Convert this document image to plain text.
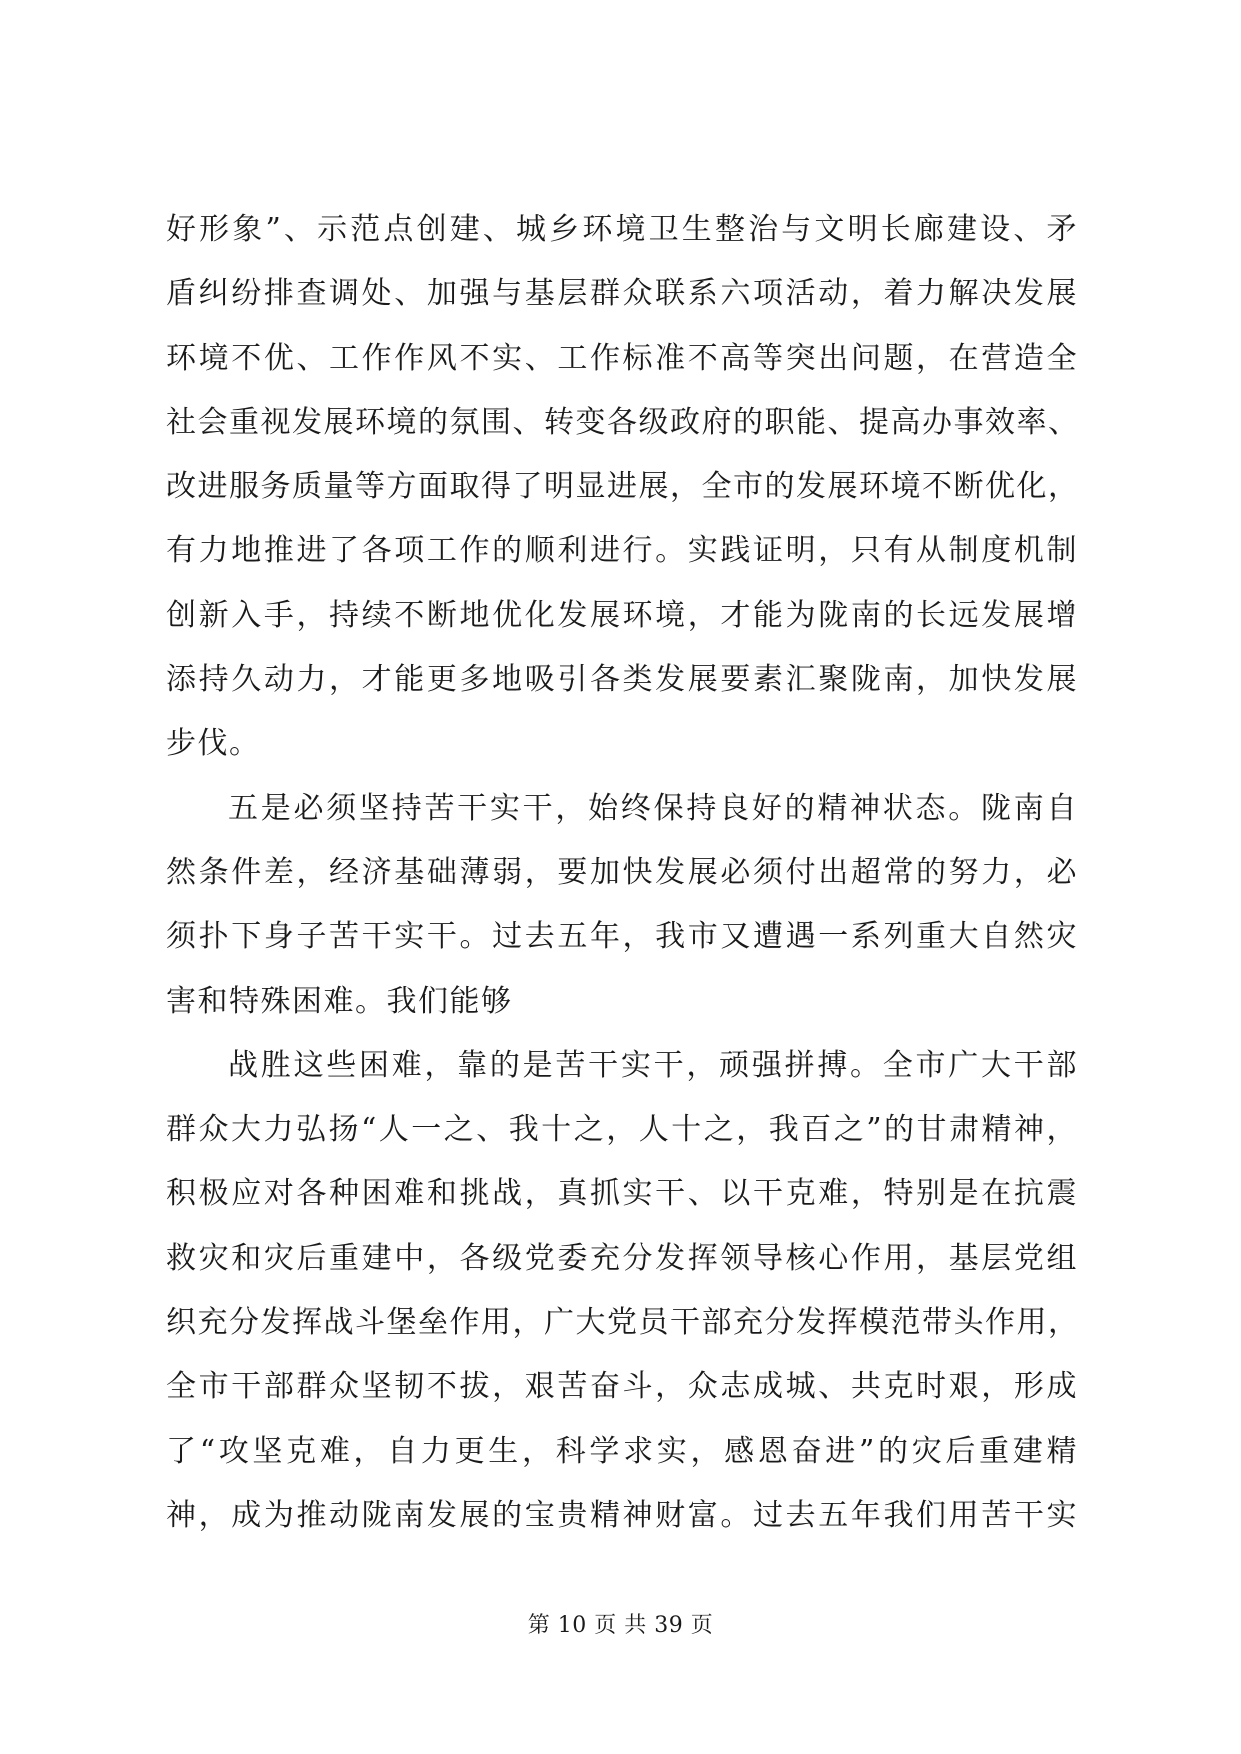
好形象”、示范点创建、城乡环境卫生整治与文明长廊建设、矛
盾纠纷排查调处、加强与基层群众联系六项活动，着力解决发展
环境不优、工作作风不实、工作标准不高等突出问题，在营造全
社会重视发展环境的氛围、转变各级政府的职能、提高办事效率、
改进服务质量等方面取得了明显进展，全市的发展环境不断优化，
有力地推进了各项工作的顺利进行。实践证明，只有从制度机制
创新入手，持续不断地优化发展环境，才能为陇南的长远发展增
添持久动力，才能更多地吸引各类发展要素汇聚陇南，加快发展
步伐。
五是必须坚持苦干实干，始终保持良好的精神状态。陇南自
然条件差，经济基础薄弱，要加快发展必须付出超常的努力，必
须扑下身子苦干实干。过去五年，我市又遭遇一系列重大自然灾
害和特殊困难。我们能够
战胜这些困难，靠的是苦干实干，顽强拼搏。全市广大干部
群众大力弘扬“人一之、我十之，人十之，我百之”的甘肃精神，
积极应对各种困难和挑战，真抓实干、以干克难，特别是在抗震
救灾和灾后重建中，各级党委充分发挥领导核心作用，基层党组
织充分发挥战斗堡垒作用，广大党员干部充分发挥模范带头作用，
全市干部群众坚韧不拔，艰苦奋斗，众志成城、共克时艰，形成
了“攻坚克难，自力更生，科学求实，感恩奋进”的灾后重建精
神，成为推动陇南发展的宝贵精神财富。过去五年我们用苦干实
第 10 页 共 39 页
